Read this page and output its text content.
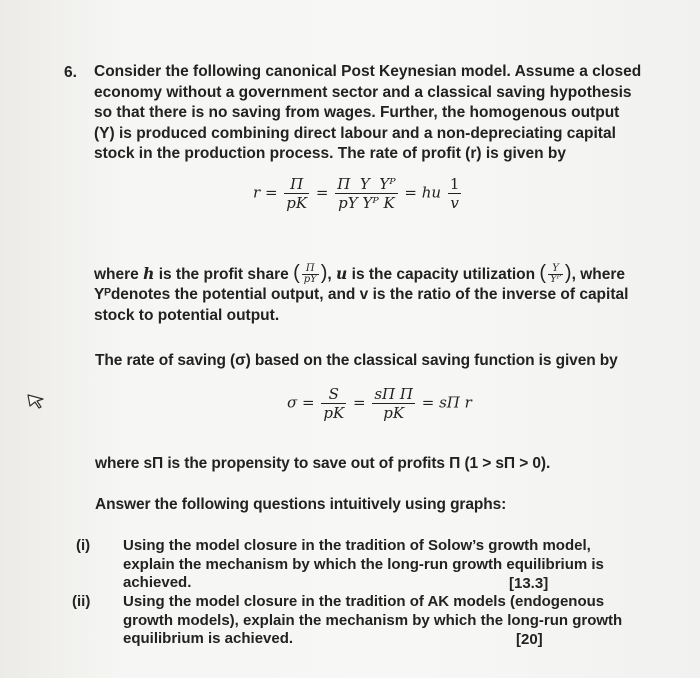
6. Consider the following canonical Post Keynesian model. Assume a closed
economy without a government sector and a classical saving hypothesis
so that there is no saving from wages. Further, the homogenous output
(Y) is produced combining direct labour and a non-depreciating capital
stock in the production process. The rate of profit (r) is given by
$r = \frac{\Pi}{pK} = \frac{\text{Π  Y  Yᴾ}}{\text{pY Yᴾ K}}$ = hu $\frac{1}{v}$
where h is the profit share ( $\frac{\Pi}{pY}$ ), u is the capacity utilization ( $\frac{Y}{\text{Yᴾ}}$ ), where
Yᴾdenotes the potential output, and v is the ratio of the inverse of capital
stock to potential output.
The rate of saving (σ) based on the classical saving function is given by
$\sigma = \frac{S}{pK} = \frac{\text{sΠ Π}}{pK} = s\Pi$ r
where sΠ is the propensity to save out of profits Π (1 > sΠ > 0).
Answer the following questions intuitively using graphs:
(i) Using the model closure in the tradition of Solow’s growth model,
explain the mechanism by which the long-run growth equilibrium is
achieved.	[13.3]
(ii) Using the model closure in the tradition of AK models (endogenous
growth models), explain the mechanism by which the long-run growth
equilibrium is achieved.	[20]
